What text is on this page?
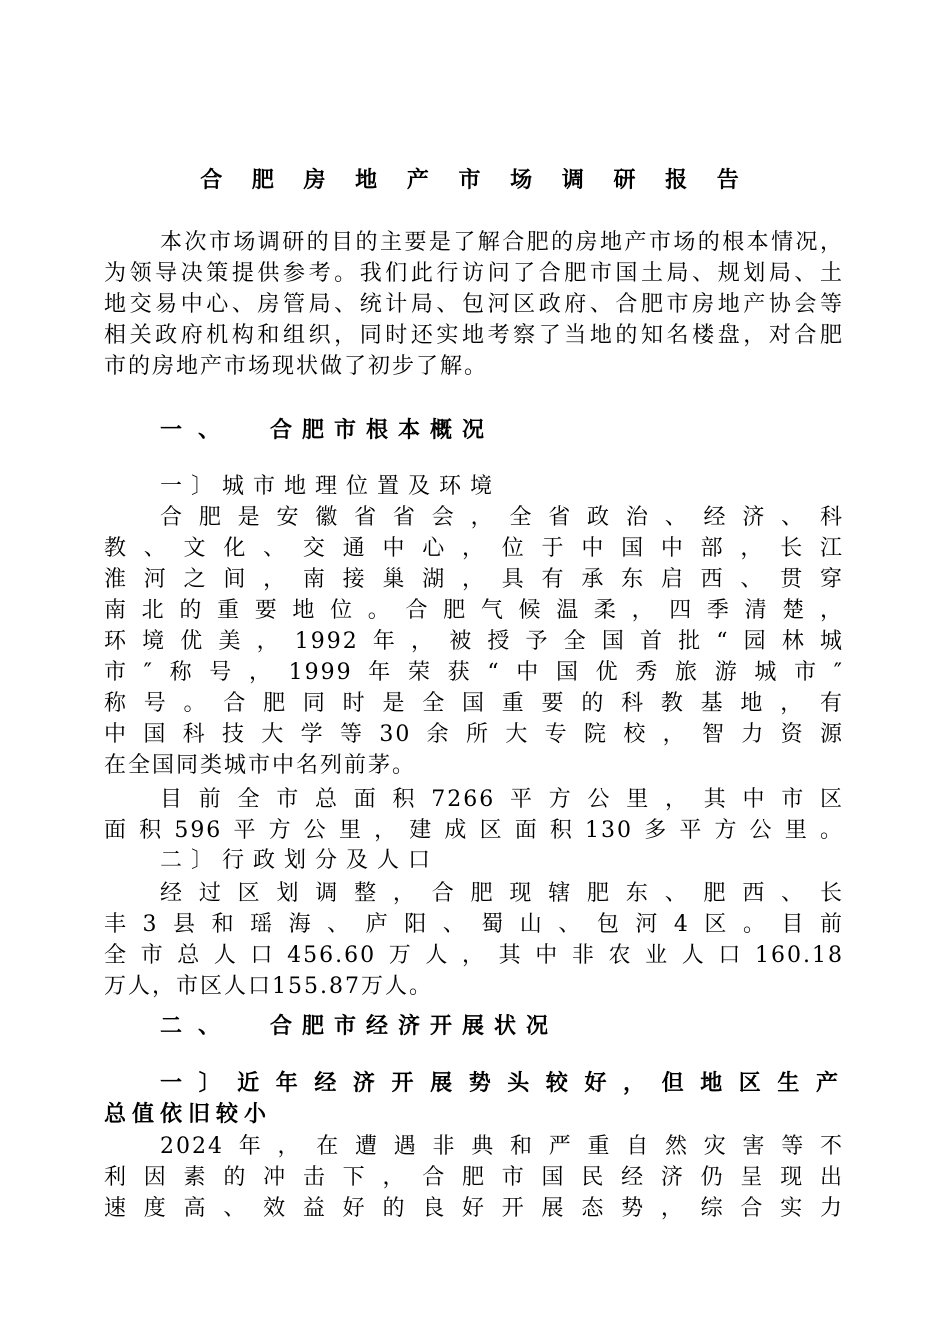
合 肥 房 地 产 市 场 调 研 报 告
本次市场调研的目的主要是了解合肥的房地产市场的根本情况，
为领导决策提供参考。我们此行访问了合肥市国土局、规划局、土
地交易中心、房管局、统计局、包河区政府、合肥市房地产协会等
相关政府机构和组织，同时还实地考察了当地的知名楼盘，对合肥
市的房地产市场现状做了初步了解。
一、 合肥市根本概况
一〕城市地理位置及环境
合肥是安徽省省会，全省政治、经济、科
教、文化、交通中心，位于中国中部，长江
淮河之间，南接巢湖，具有承东启西、贯穿
南北的重要地位。合肥气候温柔，四季清楚，
环境优美，1992年，被授予全国首批“园林城
市″称号，1999年荣获“中国优秀旅游城市″
称号。合肥同时是全国重要的科教基地，有
中国科技大学等30余所大专院校，智力资源
在全国同类城市中名列前茅。
目前全市总面积7266平方公里，其中市区
面积596平方公里，建成区面积130多平方公里。
二〕行政划分及人口
经过区划调整，合肥现辖肥东、肥西、长
丰3县和瑶海、庐阳、蜀山、包河4区。目前
全市总人口456.60万人，其中非农业人口160.18
万人，市区人口155.87万人。
二、 合肥市经济开展状况
一〕近年经济开展势头较好，但地区生产
总值依旧较小
2024年，在遭遇非典和严重自然灾害等不
利因素的冲击下，合肥市国民经济仍呈现出
速度高、效益好的良好开展态势，综合实力
